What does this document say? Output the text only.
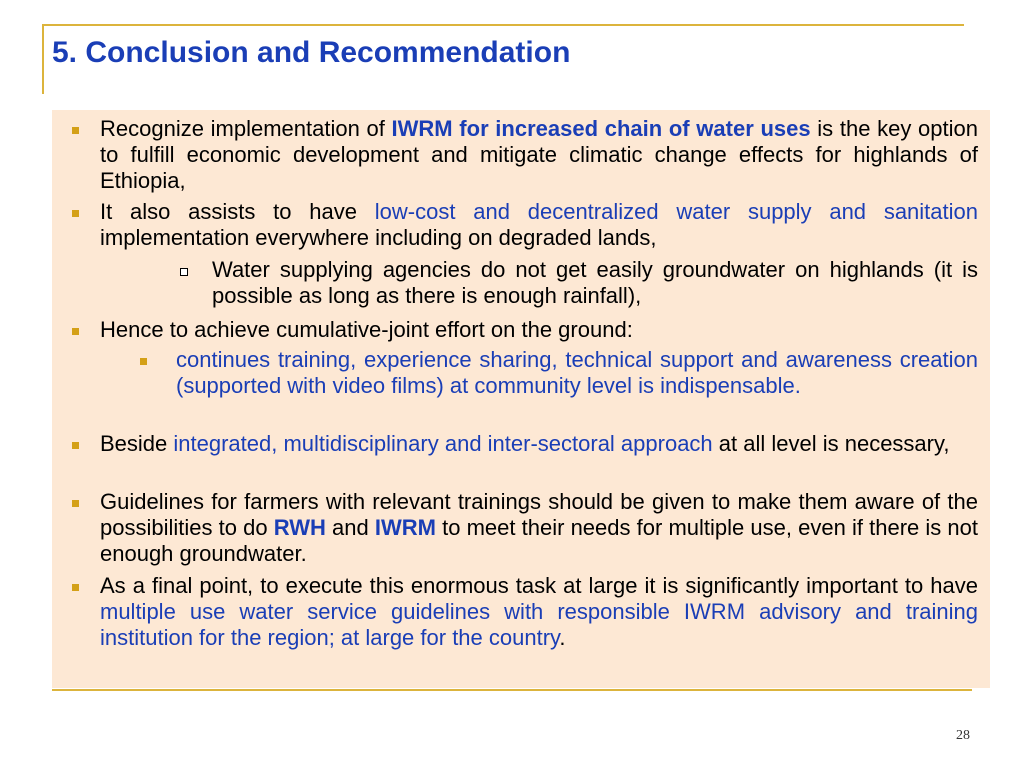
5. Conclusion and Recommendation
Recognize implementation of IWRM for increased chain of water uses is the key option to fulfill economic development and mitigate climatic change effects for highlands of Ethiopia,
It also assists to have low-cost and decentralized water supply and sanitation implementation everywhere including on degraded lands,
Water supplying agencies do not get easily groundwater on highlands (it is possible as long as there is enough rainfall),
Hence to achieve cumulative-joint effort on the ground:
continues training, experience sharing, technical support and awareness creation (supported with video films) at community level is indispensable.
Beside integrated, multidisciplinary and inter-sectoral approach at all level is necessary,
Guidelines for farmers with relevant trainings should be given to make them aware of the possibilities to do RWH and IWRM to meet their needs for multiple use, even if there is not enough groundwater.
As a final point, to execute this enormous task at large it is significantly important to have multiple use water service guidelines with responsible IWRM advisory and training institution for the region; at large for the country.
28
